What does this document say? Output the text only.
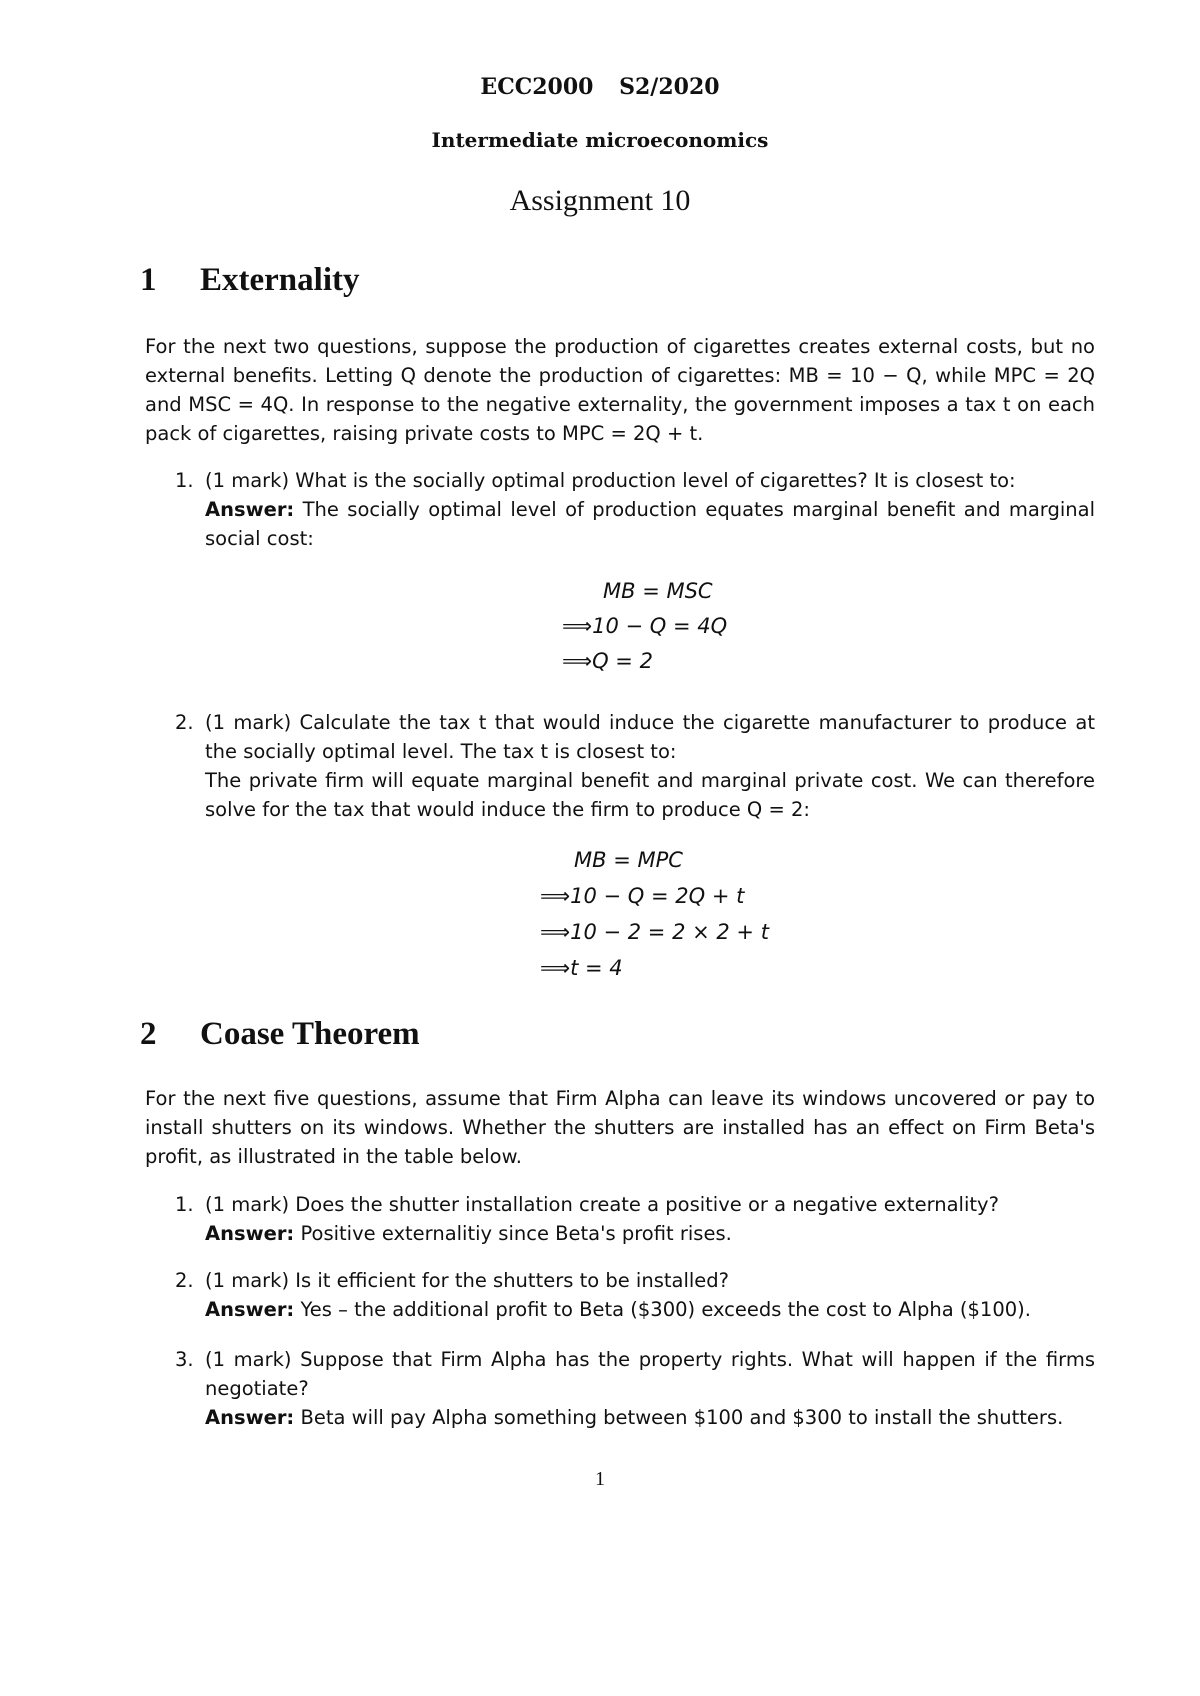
ECC2000 S2/2020
Intermediate microeconomics
Assignment 10
1 Externality
For the next two questions, suppose the production of cigarettes creates external costs, but no external benefits. Letting Q denote the production of cigarettes: MB = 10 − Q, while MPC = 2Q and MSC = 4Q. In response to the negative externality, the government imposes a tax t on each pack of cigarettes, raising private costs to MPC = 2Q + t.
1. (1 mark) What is the socially optimal production level of cigarettes? It is closest to:
Answer: The socially optimal level of production equates marginal benefit and marginal social cost:
MB = MSC
⟹10 − Q = 4Q
⟹Q = 2
2. (1 mark) Calculate the tax t that would induce the cigarette manufacturer to produce at the socially optimal level. The tax t is closest to:
The private firm will equate marginal benefit and marginal private cost. We can therefore solve for the tax that would induce the firm to produce Q = 2:
MB = MPC
⟹10 − Q = 2Q + t
⟹10 − 2 = 2 × 2 + t
⟹t = 4
2 Coase Theorem
For the next five questions, assume that Firm Alpha can leave its windows uncovered or pay to install shutters on its windows. Whether the shutters are installed has an effect on Firm Beta's profit, as illustrated in the table below.
1. (1 mark) Does the shutter installation create a positive or a negative externality?
Answer: Positive externalitiy since Beta's profit rises.
2. (1 mark) Is it efficient for the shutters to be installed?
Answer: Yes – the additional profit to Beta ($300) exceeds the cost to Alpha ($100).
3. (1 mark) Suppose that Firm Alpha has the property rights. What will happen if the firms negotiate?
Answer: Beta will pay Alpha something between $100 and $300 to install the shutters.
1
